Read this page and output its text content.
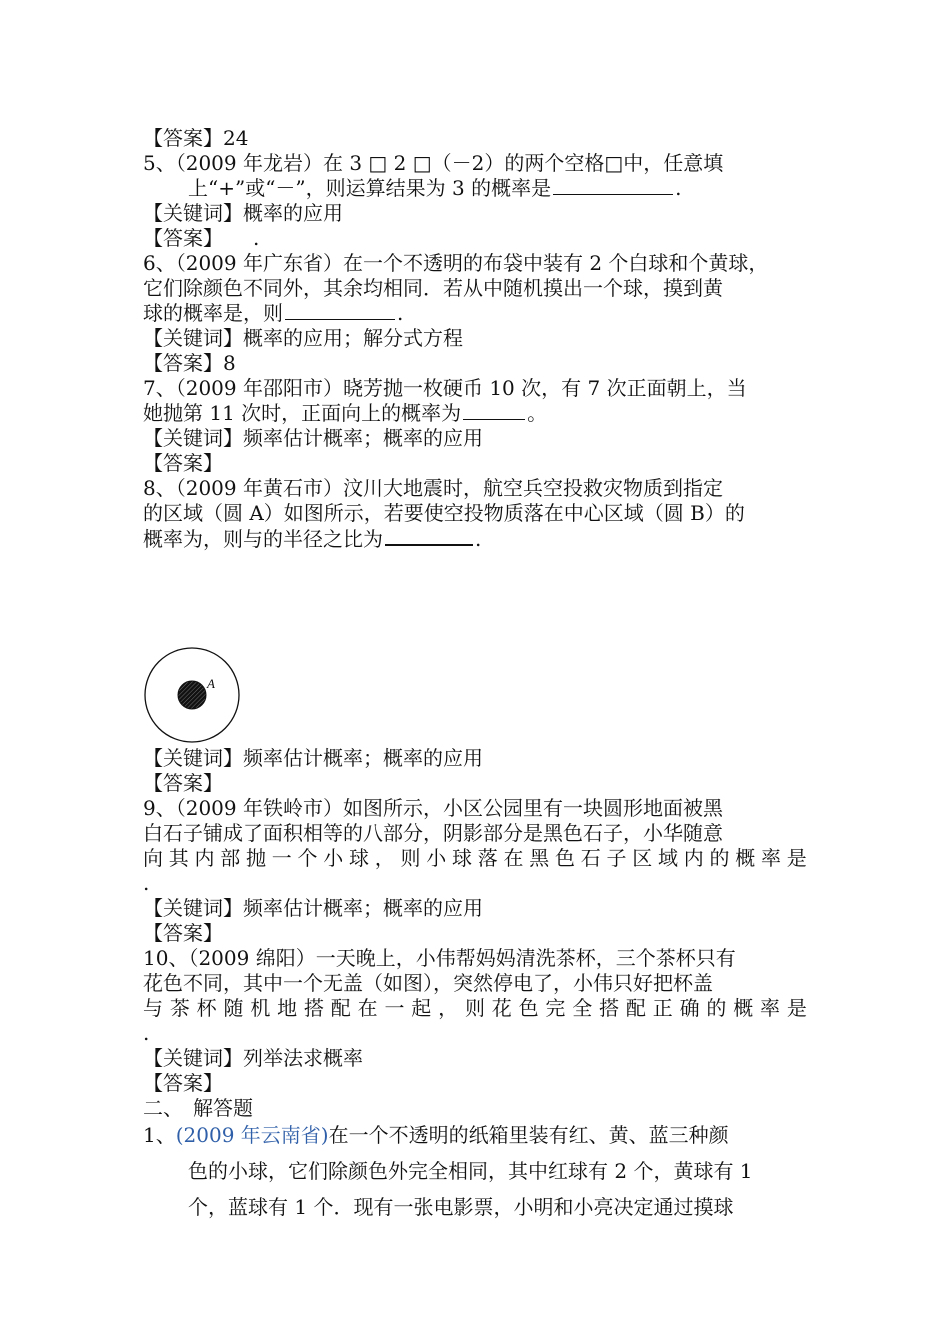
【答案】24
5、（2009 年龙岩）在 3 □ 2 □（－2）的两个空格□中，任意填
上“+”或“－”，则运算结果为 3 的概率是	.
【关键词】概率的应用
【答案】　　.
6、（2009 年广东省）在一个不透明的布袋中装有 2 个白球和个黄球，
它们除颜色不同外，其余均相同．若从中随机摸出一个球，摸到黄
球的概率是，则	.
【关键词】概率的应用；解分式方程
【答案】8
7、（2009 年邵阳市）晓芳抛一枚硬币 10 次，有 7 次正面朝上，当
她抛第 11 次时，正面向上的概率为	。
【关键词】频率估计概率；概率的应用
【答案】
8、（2009 年黄石市）汶川大地震时，航空兵空投救灾物质到指定
的区域（圆 A）如图所示，若要使空投物质落在中心区域（圆 B）的
概率为，则与的半径之比为	.
A
【关键词】频率估计概率；概率的应用
【答案】
9、（2009 年铁岭市）如图所示，小区公园里有一块圆形地面被黑
白石子铺成了面积相等的八部分，阴影部分是黑色石子，小华随意
向 其 内 部 抛 一 个 小 球 ， 则 小 球 落 在 黑 色 石 子 区 域 内 的 概 率 是
.
【关键词】频率估计概率；概率的应用
【答案】
10、（2009 绵阳）一天晚上，小伟帮妈妈清洗茶杯，三个茶杯只有
花色不同，其中一个无盖（如图），突然停电了，小伟只好把杯盖
与 茶 杯 随 机 地 搭 配 在 一 起 ， 则 花 色 完 全 搭 配 正 确 的 概 率 是
.
【关键词】列举法求概率
【答案】
二、　解答题
1、(2009 年云南省)在一个不透明的纸箱里装有红、黄、蓝三种颜
色的小球，它们除颜色外完全相同，其中红球有 2 个，黄球有 1
个，蓝球有 1 个．现有一张电影票，小明和小亮决定通过摸球
